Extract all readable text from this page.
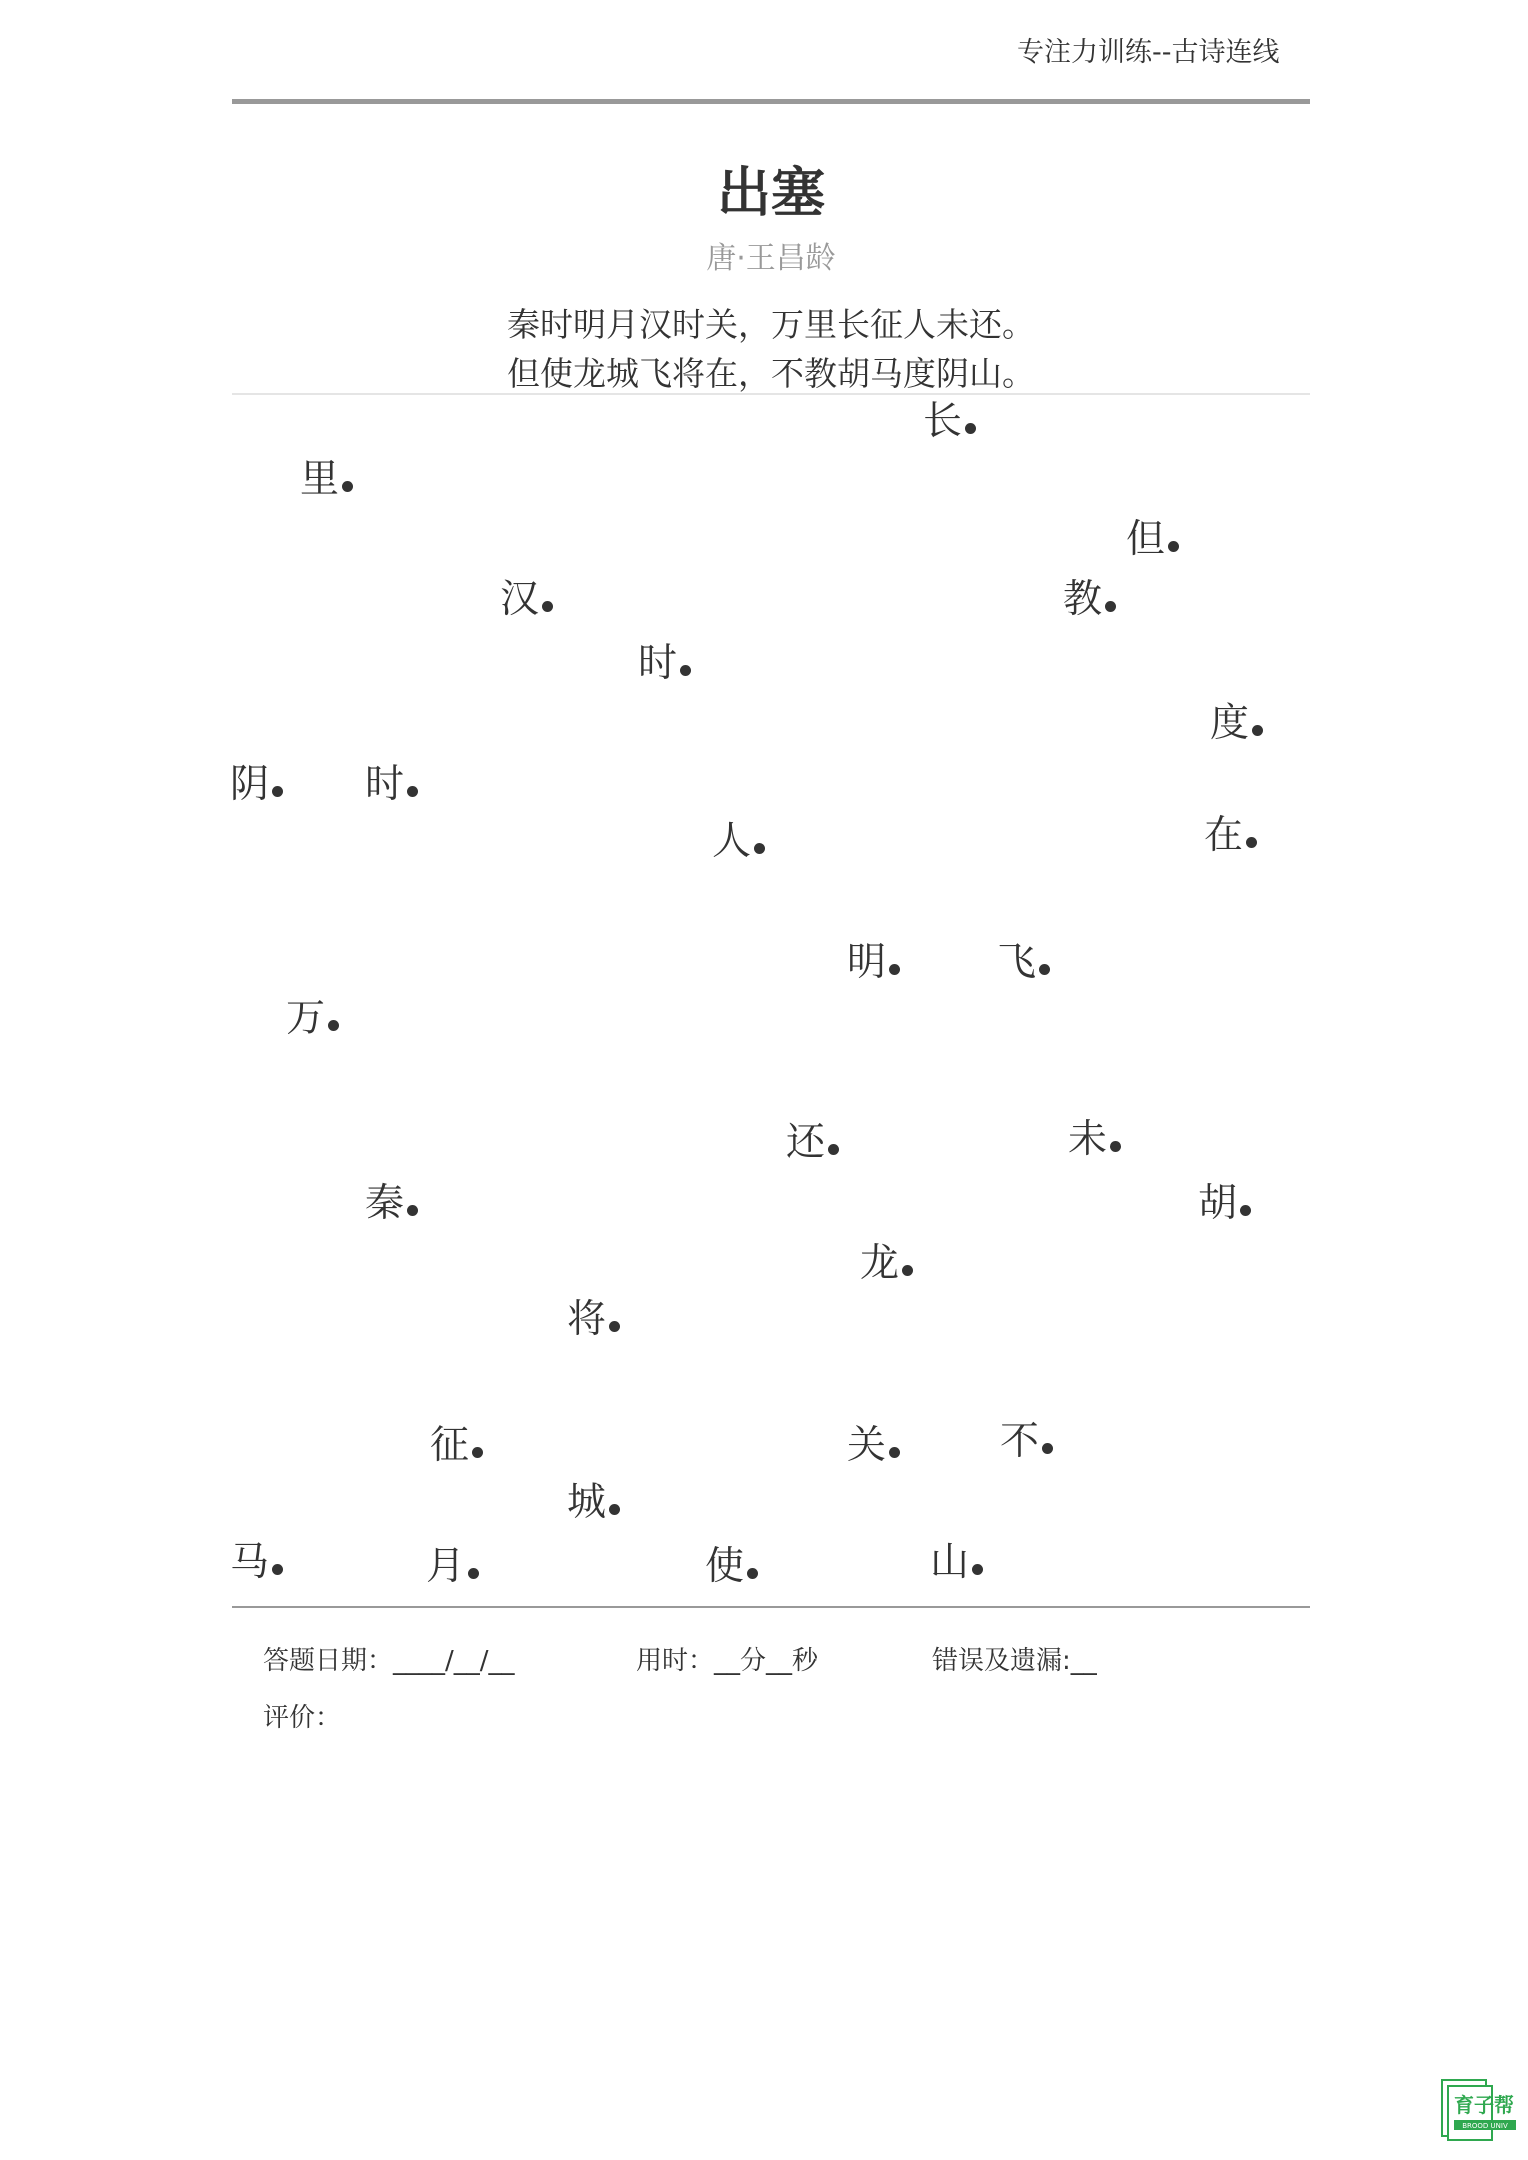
专注力训练--古诗连线
出塞
唐·王昌龄
秦时明月汉时关，万里长征人未还。
但使龙城飞将在，不教胡马度阴山。
长
里
但
汉	教
时
度
阴 时
人	在
明	飞
万
还	未
秦	胡
龙
将
征	关	不
城
马	月	使	山
答题日期：____/__/__	用时：__分__秒	错误及遗漏:__
评价：
育子帮
BROOD UNIV
